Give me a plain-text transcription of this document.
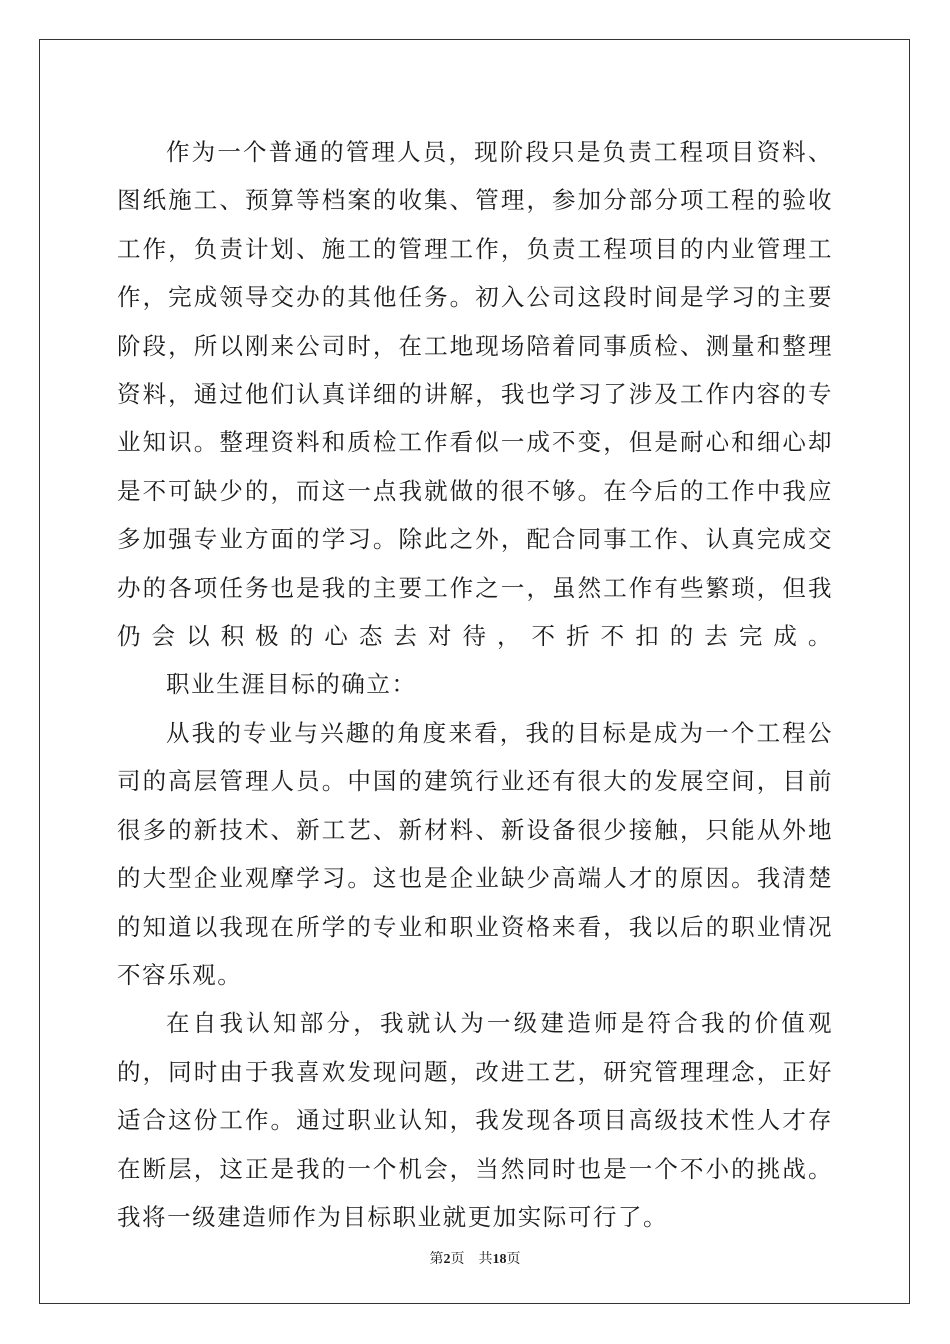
作为一个普通的管理人员，现阶段只是负责工程项目资料、图纸施工、预算等档案的收集、管理，参加分部分项工程的验收工作，负责计划、施工的管理工作，负责工程项目的内业管理工作，完成领导交办的其他任务。初入公司这段时间是学习的主要阶段，所以刚来公司时，在工地现场陪着同事质检、测量和整理资料，通过他们认真详细的讲解，我也学习了涉及工作内容的专业知识。整理资料和质检工作看似一成不变，但是耐心和细心却是不可缺少的，而这一点我就做的很不够。在今后的工作中我应多加强专业方面的学习。除此之外，配合同事工作、认真完成交办的各项任务也是我的主要工作之一，虽然工作有些繁琐，但我仍会以积极的心态去对待，不折不扣的去完成。

职业生涯目标的确立：

从我的专业与兴趣的角度来看，我的目标是成为一个工程公司的高层管理人员。中国的建筑行业还有很大的发展空间，目前很多的新技术、新工艺、新材料、新设备很少接触，只能从外地的大型企业观摩学习。这也是企业缺少高端人才的原因。我清楚的知道以我现在所学的专业和职业资格来看，我以后的职业情况不容乐观。

在自我认知部分，我就认为一级建造师是符合我的价值观的，同时由于我喜欢发现问题，改进工艺，研究管理理念，正好适合这份工作。通过职业认知，我发现各项目高级技术性人才存在断层，这正是我的一个机会，当然同时也是一个不小的挑战。我将一级建造师作为目标职业就更加实际可行了。

第2页 共18页
